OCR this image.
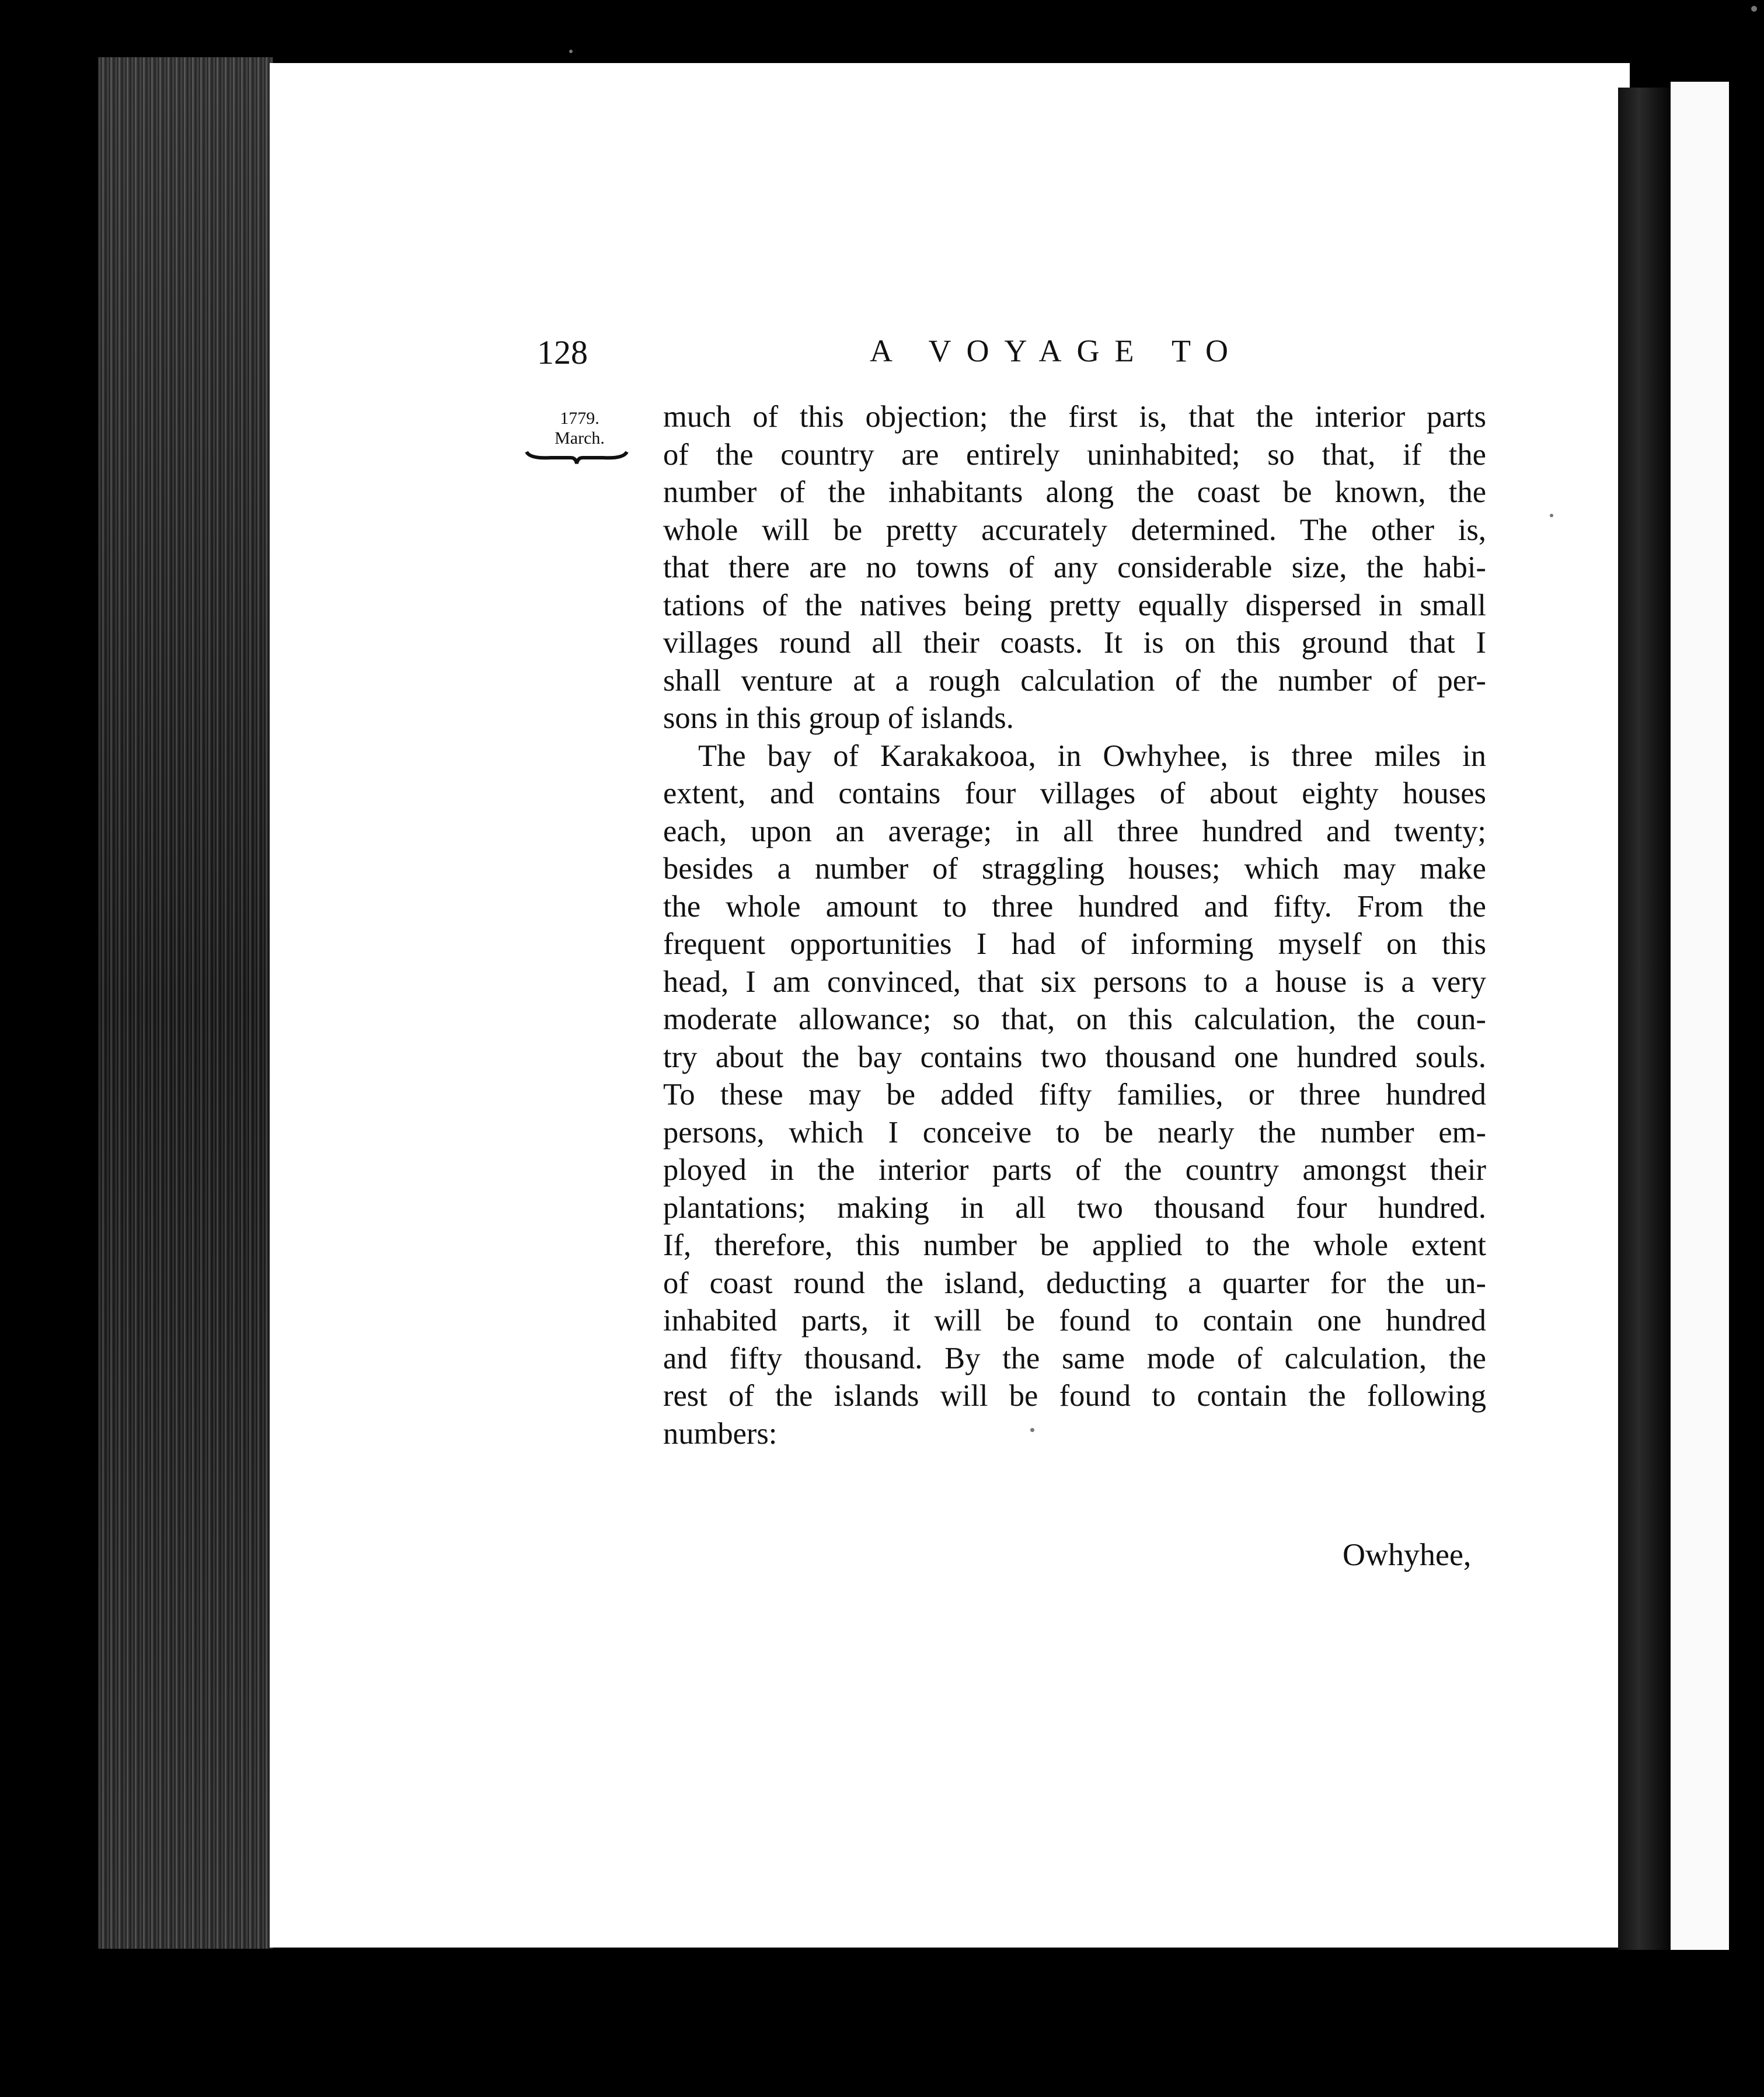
128	A VOYAGE TO
1779.
March.
much of this objection; the first is, that the interior parts
of the country are entirely uninhabited; so that, if the
number of the inhabitants along the coast be known, the
whole will be pretty accurately determined. The other is,
that there are no towns of any considerable size, the habi-
tations of the natives being pretty equally dispersed in small
villages round all their coasts. It is on this ground that I
shall venture at a rough calculation of the number of per-
sons in this group of islands.
The bay of Karakakooa, in Owhyhee, is three miles in
extent, and contains four villages of about eighty houses
each, upon an average; in all three hundred and twenty;
besides a number of straggling houses; which may make
the whole amount to three hundred and fifty. From the
frequent opportunities I had of informing myself on this
head, I am convinced, that six persons to a house is a very
moderate allowance; so that, on this calculation, the coun-
try about the bay contains two thousand one hundred souls.
To these may be added fifty families, or three hundred
persons, which I conceive to be nearly the number em-
ployed in the interior parts of the country amongst their
plantations; making in all two thousand four hundred.
If, therefore, this number be applied to the whole extent
of coast round the island, deducting a quarter for the un-
inhabited parts, it will be found to contain one hundred
and fifty thousand. By the same mode of calculation, the
rest of the islands will be found to contain the following
numbers:
Owhyhee,
